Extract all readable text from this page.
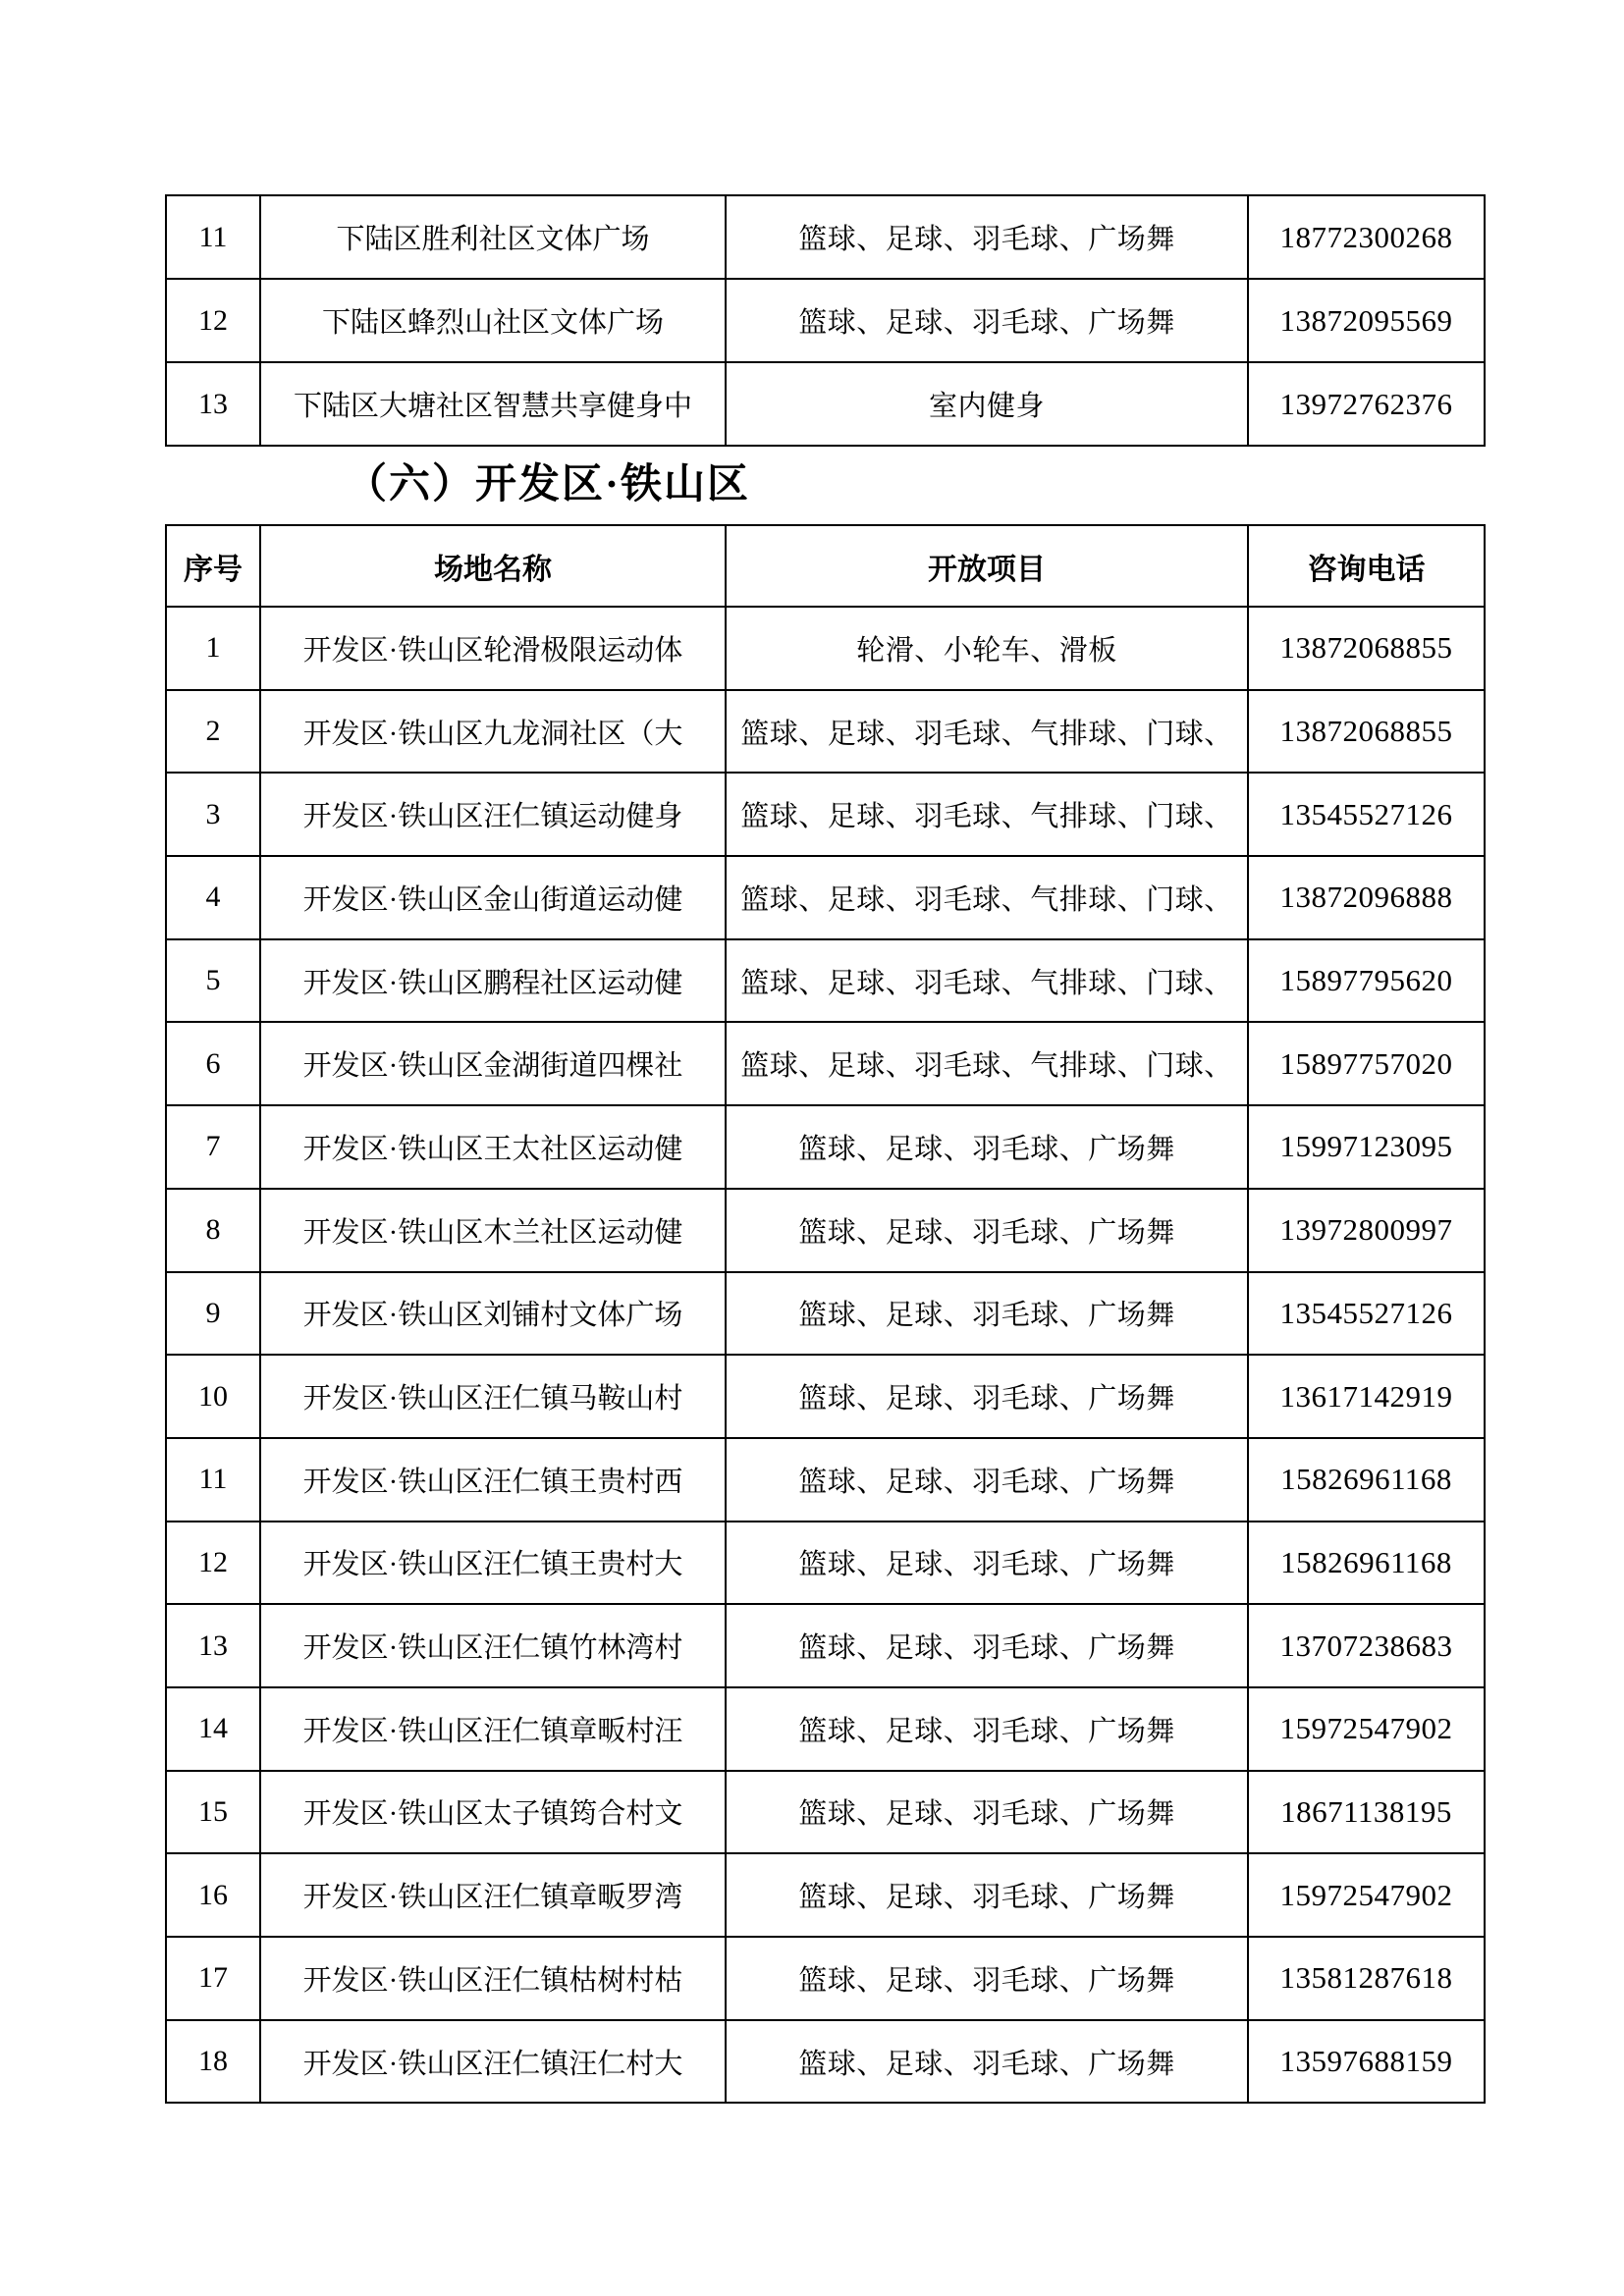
11	下陆区胜利社区文体广场	篮球、足球、羽毛球、广场舞	18772300268
12	下陆区蜂烈山社区文体广场	篮球、足球、羽毛球、广场舞	13872095569
13	下陆区大塘社区智慧共享健身中	室内健身	13972762376
（六）开发区·铁山区
序号	场地名称	开放项目	咨询电话
1	开发区·铁山区轮滑极限运动体	轮滑、小轮车、滑板	13872068855
2	开发区·铁山区九龙洞社区（大	篮球、足球、羽毛球、气排球、门球、	13872068855
3	开发区·铁山区汪仁镇运动健身	篮球、足球、羽毛球、气排球、门球、	13545527126
4	开发区·铁山区金山街道运动健	篮球、足球、羽毛球、气排球、门球、	13872096888
5	开发区·铁山区鹏程社区运动健	篮球、足球、羽毛球、气排球、门球、	15897795620
6	开发区·铁山区金湖街道四棵社	篮球、足球、羽毛球、气排球、门球、	15897757020
7	开发区·铁山区王太社区运动健	篮球、足球、羽毛球、广场舞	15997123095
8	开发区·铁山区木兰社区运动健	篮球、足球、羽毛球、广场舞	13972800997
9	开发区·铁山区刘铺村文体广场	篮球、足球、羽毛球、广场舞	13545527126
10	开发区·铁山区汪仁镇马鞍山村	篮球、足球、羽毛球、广场舞	13617142919
11	开发区·铁山区汪仁镇王贵村西	篮球、足球、羽毛球、广场舞	15826961168
12	开发区·铁山区汪仁镇王贵村大	篮球、足球、羽毛球、广场舞	15826961168
13	开发区·铁山区汪仁镇竹林湾村	篮球、足球、羽毛球、广场舞	13707238683
14	开发区·铁山区汪仁镇章畈村汪	篮球、足球、羽毛球、广场舞	15972547902
15	开发区·铁山区太子镇筠合村文	篮球、足球、羽毛球、广场舞	18671138195
16	开发区·铁山区汪仁镇章畈罗湾	篮球、足球、羽毛球、广场舞	15972547902
17	开发区·铁山区汪仁镇枯树村枯	篮球、足球、羽毛球、广场舞	13581287618
18	开发区·铁山区汪仁镇汪仁村大	篮球、足球、羽毛球、广场舞	13597688159
